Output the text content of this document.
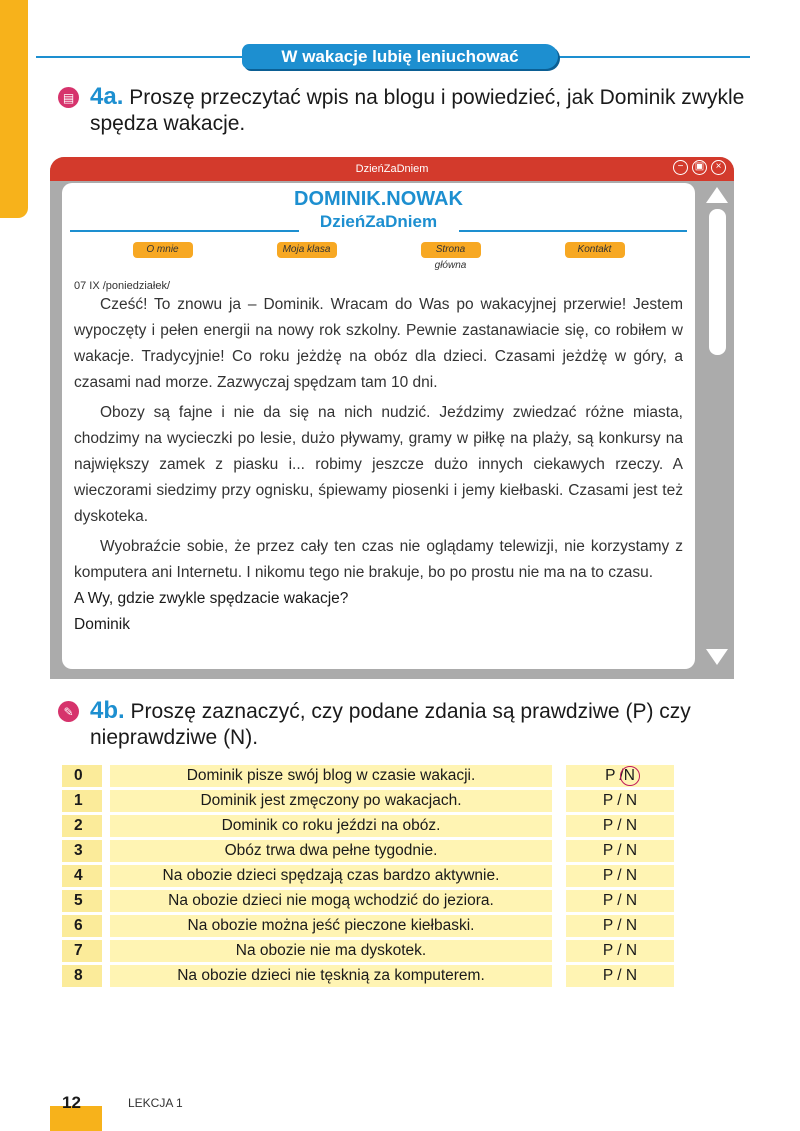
W wakacje lubię leniuchować
▤ 4a. Proszę przeczytać wpis na blogu i powiedzieć, jak Dominik zwykle spędza wakacje.
DzieńZaDniem	−	▣	×
DOMINIK.NOWAK
DzieńZaDniem
O mnie	Moja klasa	Strona główna
Kontakt
07 IX /poniedziałek/

Cześć! To znowu ja – Dominik. Wracam do Was po wakacyjnej przerwie! Jestem wypoczęty i pełen energii na nowy rok szkolny. Pewnie zastanawiacie się, co robiłem w wakacje. Tradycyjnie! Co roku jeżdżę na obóz dla dzieci. Czasami jeżdżę w góry, a czasami nad morze. Zazwyczaj spędzam tam 10 dni.

Obozy są fajne i nie da się na nich nudzić. Jeździmy zwiedzać różne miasta, chodzimy na wycieczki po lesie, dużo pływamy, gramy w piłkę na plaży, są konkursy na największy zamek z piasku i... robimy jeszcze dużo innych ciekawych rzeczy. A wieczorami siedzimy przy ognisku, śpiewamy piosenki i jemy kiełbaski. Czasami jest też dyskoteka.

Wyobraźcie sobie, że przez cały ten czas nie oglądamy telewizji, nie korzystamy z komputera ani Internetu. I nikomu tego nie brakuje, bo po prostu nie ma na to czasu.

A Wy, gdzie zwykle spędzacie wakacje?

Dominik

✎ 4b. Proszę zaznaczyć, czy podane zdania są prawdziwe (P) czy nieprawdziwe (N).
0	Dominik pisze swój blog w czasie wakacji.	P /N
1	Dominik jest zmęczony po wakacjach.	P / N
2	Dominik co roku jeździ na obóz.	P / N
3	Obóz trwa dwa pełne tygodnie.	P / N
4	Na obozie dzieci spędzają czas bardzo aktywnie.	P / N
5	Na obozie dzieci nie mogą wchodzić do jeziora.	P / N
6	Na obozie można jeść pieczone kiełbaski.	P / N
7	Na obozie nie ma dyskotek.	P / N
8	Na obozie dzieci nie tęsknią za komputerem.	P / N
12	LEKCJA 1
